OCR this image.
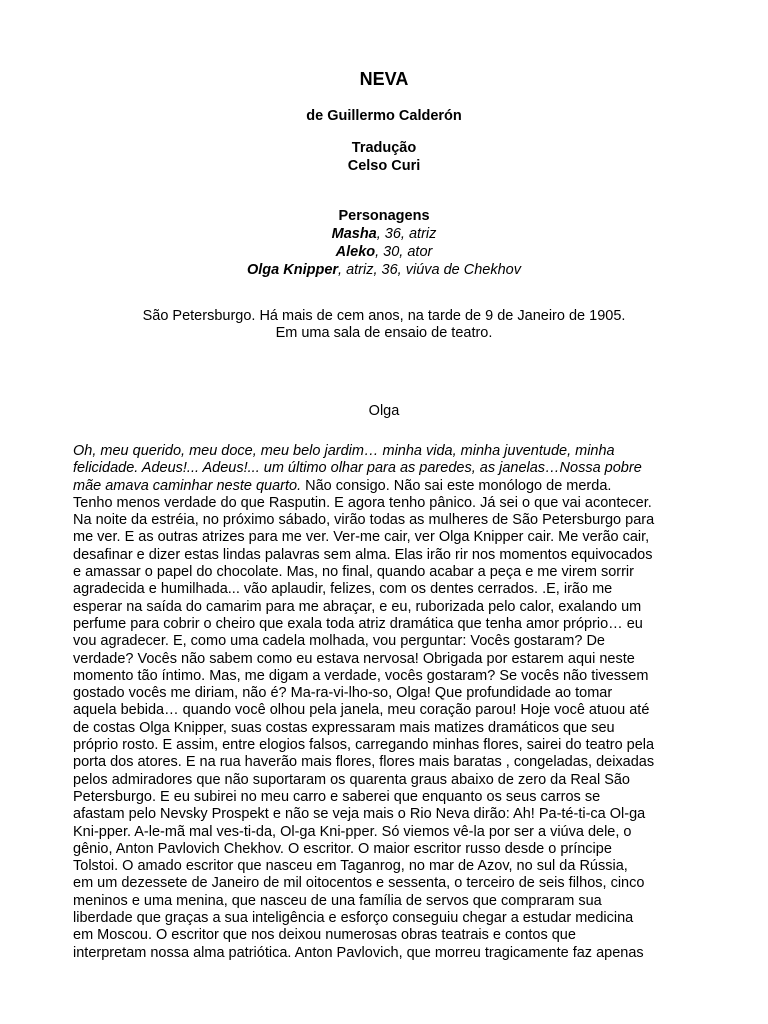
NEVA
de Guillermo Calderón
Tradução
Celso Curi
Personagens
Masha, 36, atriz
Aleko, 30, ator
Olga Knipper, atriz, 36, viúva de Chekhov
São Petersburgo. Há mais de cem anos, na tarde de 9 de Janeiro de 1905.
Em uma sala de ensaio de teatro.
Olga
Oh, meu querido, meu doce, meu belo jardim… minha vida, minha juventude, minha
felicidade. Adeus!... Adeus!... um último olhar para as paredes, as janelas…Nossa pobre
mãe amava caminhar neste quarto. Não consigo. Não sai este monólogo de merda.
Tenho menos verdade do que Rasputin. E agora tenho pânico. Já sei o que vai acontecer.
Na noite da estréia, no próximo sábado, virão todas as mulheres de São Petersburgo para
me ver. E as outras atrizes para me ver. Ver-me cair, ver Olga Knipper cair. Me verão cair,
desafinar e dizer estas lindas palavras sem alma. Elas irão rir nos momentos equivocados
e amassar o papel do chocolate. Mas, no final, quando acabar a peça e me virem sorrir
agradecida e humilhada... vão aplaudir, felizes, com os dentes cerrados. .E, irão me
esperar na saída do camarim para me abraçar, e eu, ruborizada pelo calor, exalando um
perfume para cobrir o cheiro que exala toda atriz dramática que tenha amor próprio… eu
vou agradecer. E, como uma cadela molhada, vou perguntar: Vocês gostaram? De
verdade? Vocês não sabem como eu estava nervosa! Obrigada por estarem aqui neste
momento tão íntimo. Mas, me digam a verdade, vocês gostaram? Se vocês não tivessem
gostado vocês me diriam, não é? Ma-ra-vi-lho-so, Olga! Que profundidade ao tomar
aquela bebida… quando você olhou pela janela, meu coração parou! Hoje você atuou até
de costas Olga Knipper, suas costas expressaram mais matizes dramáticos que seu
próprio rosto. E assim, entre elogios falsos, carregando minhas flores, sairei do teatro pela
porta dos atores. E na rua haverão mais flores, flores mais baratas , congeladas, deixadas
pelos admiradores que não suportaram os quarenta graus abaixo de zero da Real São
Petersburgo. E eu subirei no meu carro e saberei que enquanto os seus carros se
afastam pelo Nevsky Prospekt e não se veja mais o Rio Neva dirão: Ah! Pa-té-ti-ca Ol-ga
Kni-pper. A-le-mã mal ves-ti-da, Ol-ga Kni-pper. Só viemos vê-la por ser a viúva dele, o
gênio, Anton Pavlovich Chekhov. O escritor. O maior escritor russo desde o príncipe
Tolstoi. O amado escritor que nasceu em Taganrog, no mar de Azov, no sul da Rússia,
em um dezessete de Janeiro de mil oitocentos e sessenta, o terceiro de seis filhos, cinco
meninos e uma menina, que nasceu de una família de servos que compraram sua
liberdade que graças a sua inteligência e esforço conseguiu chegar a estudar medicina
em Moscou. O escritor que nos deixou numerosas obras teatrais e contos que
interpretam nossa alma patriótica. Anton Pavlovich, que morreu tragicamente faz apenas
